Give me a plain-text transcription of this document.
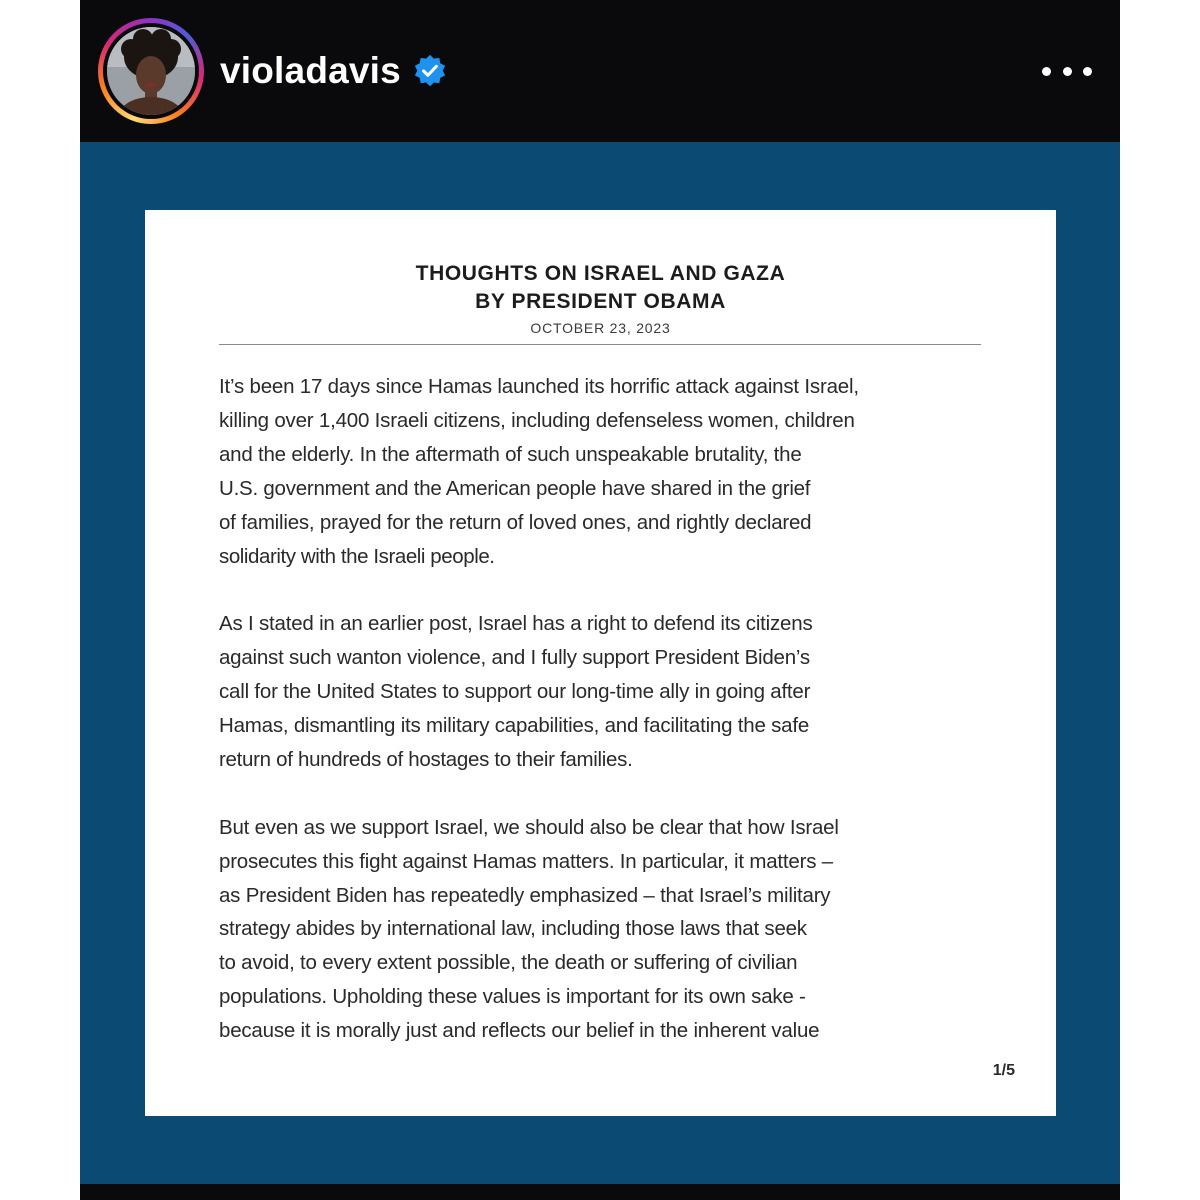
violadavis
THOUGHTS ON ISRAEL AND GAZA
BY PRESIDENT OBAMA
OCTOBER 23, 2023
It’s been 17 days since Hamas launched its horrific attack against Israel,
killing over 1,400 Israeli citizens, including defenseless women, children
and the elderly. In the aftermath of such unspeakable brutality, the
U.S. government and the American people have shared in the grief
of families, prayed for the return of loved ones, and rightly declared
solidarity with the Israeli people.
As I stated in an earlier post, Israel has a right to defend its citizens
against such wanton violence, and I fully support President Biden’s
call for the United States to support our long-time ally in going after
Hamas, dismantling its military capabilities, and facilitating the safe
return of hundreds of hostages to their families.
But even as we support Israel, we should also be clear that how Israel
prosecutes this fight against Hamas matters. In particular, it matters –
as President Biden has repeatedly emphasized – that Israel’s military
strategy abides by international law, including those laws that seek
to avoid, to every extent possible, the death or suffering of civilian
populations. Upholding these values is important for its own sake -
because it is morally just and reflects our belief in the inherent value
1/5
